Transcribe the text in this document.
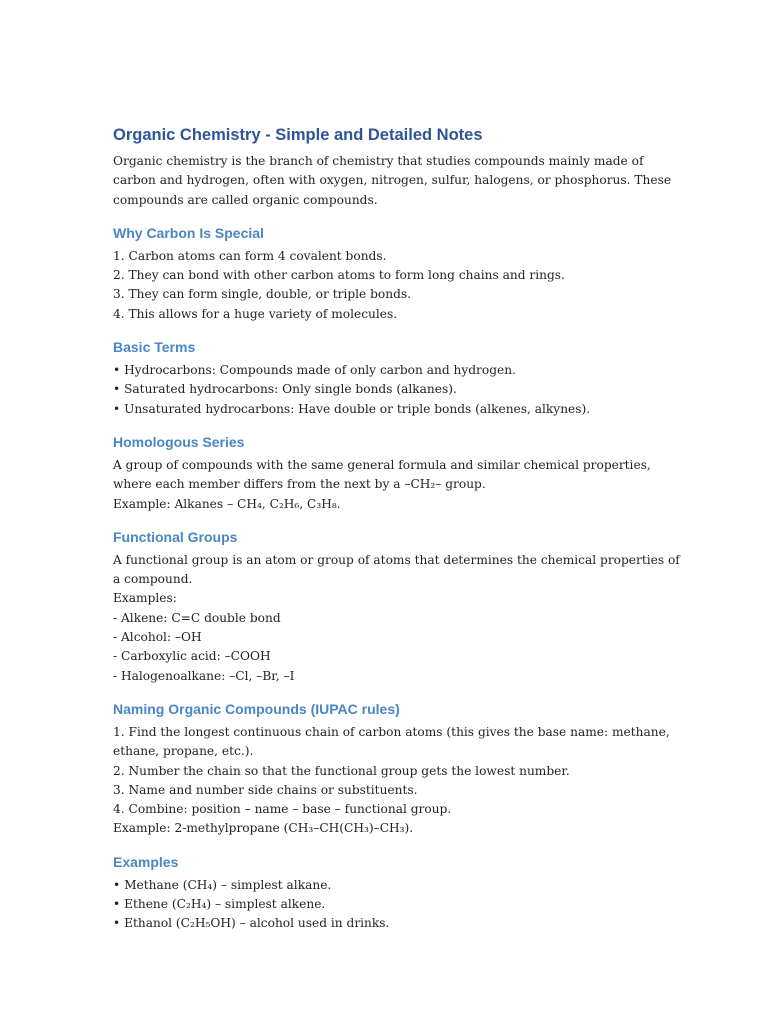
Organic Chemistry - Simple and Detailed Notes
Organic chemistry is the branch of chemistry that studies compounds mainly made of
carbon and hydrogen, often with oxygen, nitrogen, sulfur, halogens, or phosphorus. These
compounds are called organic compounds.
Why Carbon Is Special
1. Carbon atoms can form 4 covalent bonds.
2. They can bond with other carbon atoms to form long chains and rings.
3. They can form single, double, or triple bonds.
4. This allows for a huge variety of molecules.
Basic Terms
• Hydrocarbons: Compounds made of only carbon and hydrogen.
• Saturated hydrocarbons: Only single bonds (alkanes).
• Unsaturated hydrocarbons: Have double or triple bonds (alkenes, alkynes).
Homologous Series
A group of compounds with the same general formula and similar chemical properties,
where each member differs from the next by a –CH₂– group.
Example: Alkanes – CH₄, C₂H₆, C₃H₈.
Functional Groups
A functional group is an atom or group of atoms that determines the chemical properties of
a compound.
Examples:
- Alkene: C=C double bond
- Alcohol: –OH
- Carboxylic acid: –COOH
- Halogenoalkane: –Cl, –Br, –I
Naming Organic Compounds (IUPAC rules)
1. Find the longest continuous chain of carbon atoms (this gives the base name: methane,
ethane, propane, etc.).
2. Number the chain so that the functional group gets the lowest number.
3. Name and number side chains or substituents.
4. Combine: position – name – base – functional group.
Example: 2-methylpropane (CH₃–CH(CH₃)–CH₃).
Examples
• Methane (CH₄) – simplest alkane.
• Ethene (C₂H₄) – simplest alkene.
• Ethanol (C₂H₅OH) – alcohol used in drinks.
